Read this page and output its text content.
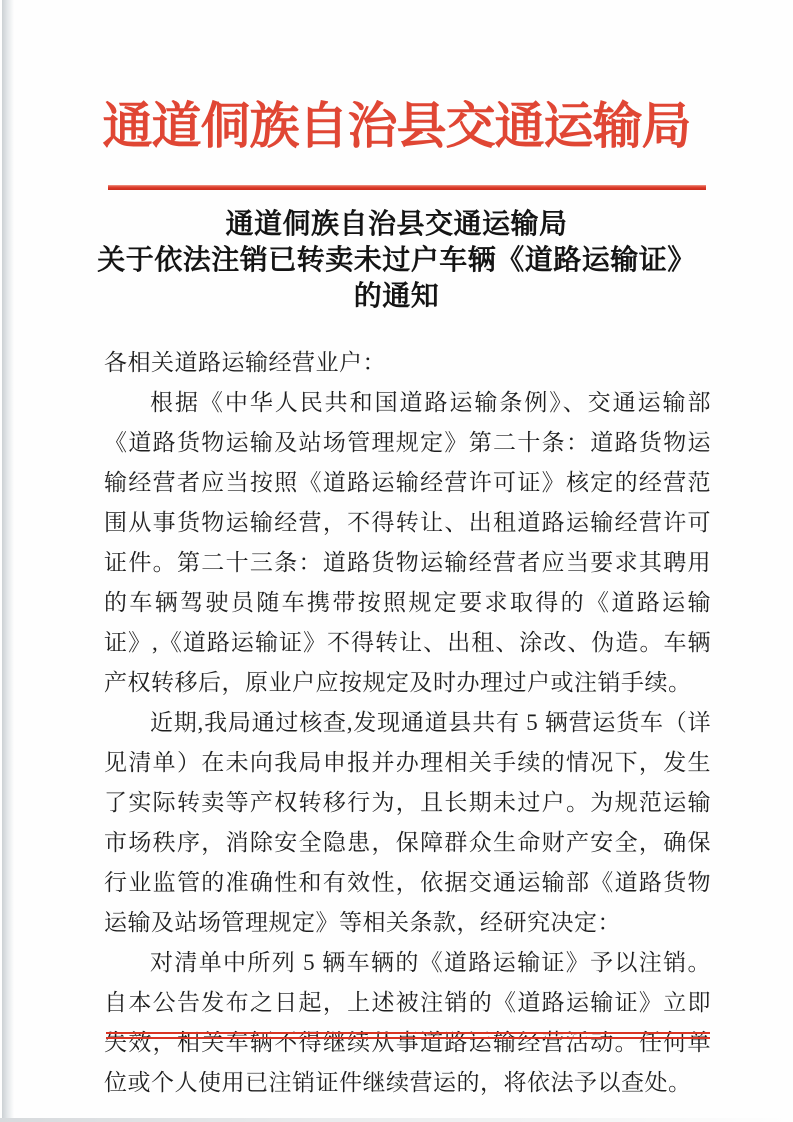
通道侗族自治县交通运输局
通道侗族自治县交通运输局
关于依法注销已转卖未过户车辆《道路运输证》
的通知

各相关道路运输经营业户：

根据《中华人民共和国道路运输条例》、交通运输部《道路货物运输及站场管理规定》第二十条：道路货物运输经营者应当按照《道路运输经营许可证》核定的经营范围从事货物运输经营，不得转让、出租道路运输经营许可证件。第二十三条：道路货物运输经营者应当要求其聘用的车辆驾驶员随车携带按照规定要求取得的《道路运输证》,《道路运输证》不得转让、出租、涂改、伪造。车辆产权转移后，原业户应按规定及时办理过户或注销手续。

近期,我局通过核查,发现通道县共有 5 辆营运货车（详见清单）在未向我局申报并办理相关手续的情况下，发生了实际转卖等产权转移行为，且长期未过户。为规范运输市场秩序，消除安全隐患，保障群众生命财产安全，确保行业监管的准确性和有效性，依据交通运输部《道路货物运输及站场管理规定》等相关条款，经研究决定：

对清单中所列 5 辆车辆的《道路运输证》予以注销。自本公告发布之日起，上述被注销的《道路运输证》立即失效，相关车辆不得继续从事道路运输经营活动。任何单位或个人使用已注销证件继续营运的，将依法予以查处。
